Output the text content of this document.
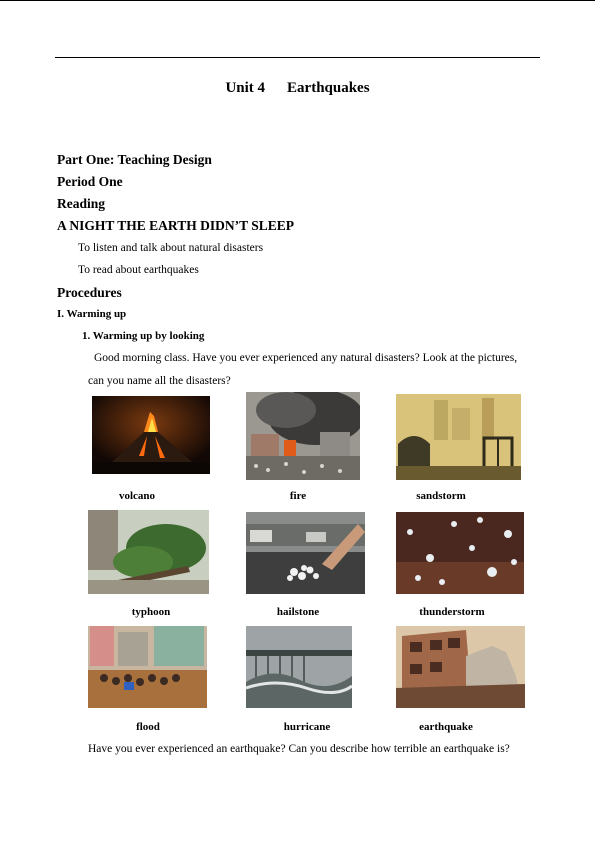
Unit 4 Earthquakes
Part One: Teaching Design
Period One
Reading
A NIGHT THE EARTH DIDN’T SLEEP
To listen and talk about natural disasters
To read about earthquakes
Procedures
I. Warming up
1. Warming up by looking
Good morning class. Have you ever experienced any natural disasters? Look at the pictures,
can you name all the disasters?
volcano	fire	sandstorm
typhoon	hailstone	thunderstorm
flood	hurricane	earthquake
Have you ever experienced an earthquake? Can you describe how terrible an earthquake is?
